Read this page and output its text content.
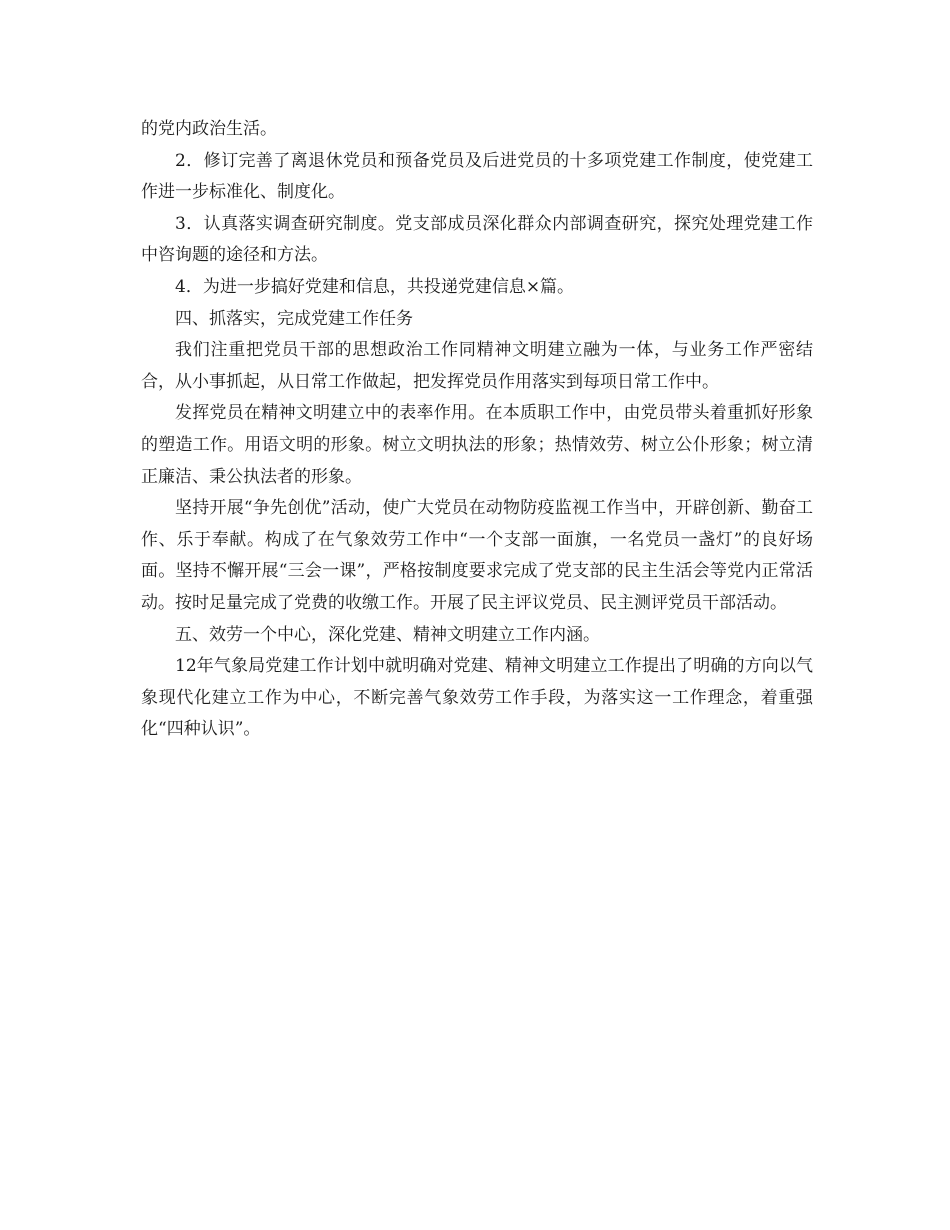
的党内政治生活。

2．修订完善了离退休党员和预备党员及后进党员的十多项党建工作制度，使党建工作进一步标准化、制度化。

3．认真落实调查研究制度。党支部成员深化群众内部调查研究，探究处理党建工作中咨询题的途径和方法。

4．为进一步搞好党建和信息，共投递党建信息×篇。

四、抓落实，完成党建工作任务

我们注重把党员干部的思想政治工作同精神文明建立融为一体，与业务工作严密结合，从小事抓起，从日常工作做起，把发挥党员作用落实到每项日常工作中。

发挥党员在精神文明建立中的表率作用。在本质职工作中，由党员带头着重抓好形象的塑造工作。用语文明的形象。树立文明执法的形象；热情效劳、树立公仆形象；树立清正廉洁、秉公执法者的形象。

坚持开展“争先创优”活动，使广大党员在动物防疫监视工作当中，开辟创新、勤奋工作、乐于奉献。构成了在气象效劳工作中“一个支部一面旗，一名党员一盏灯”的良好场面。坚持不懈开展“三会一课”，严格按制度要求完成了党支部的民主生活会等党内正常活动。按时足量完成了党费的收缴工作。开展了民主评议党员、民主测评党员干部活动。

五、效劳一个中心，深化党建、精神文明建立工作内涵。

12年气象局党建工作计划中就明确对党建、精神文明建立工作提出了明确的方向以气象现代化建立工作为中心，不断完善气象效劳工作手段，为落实这一工作理念，着重强化“四种认识”。
